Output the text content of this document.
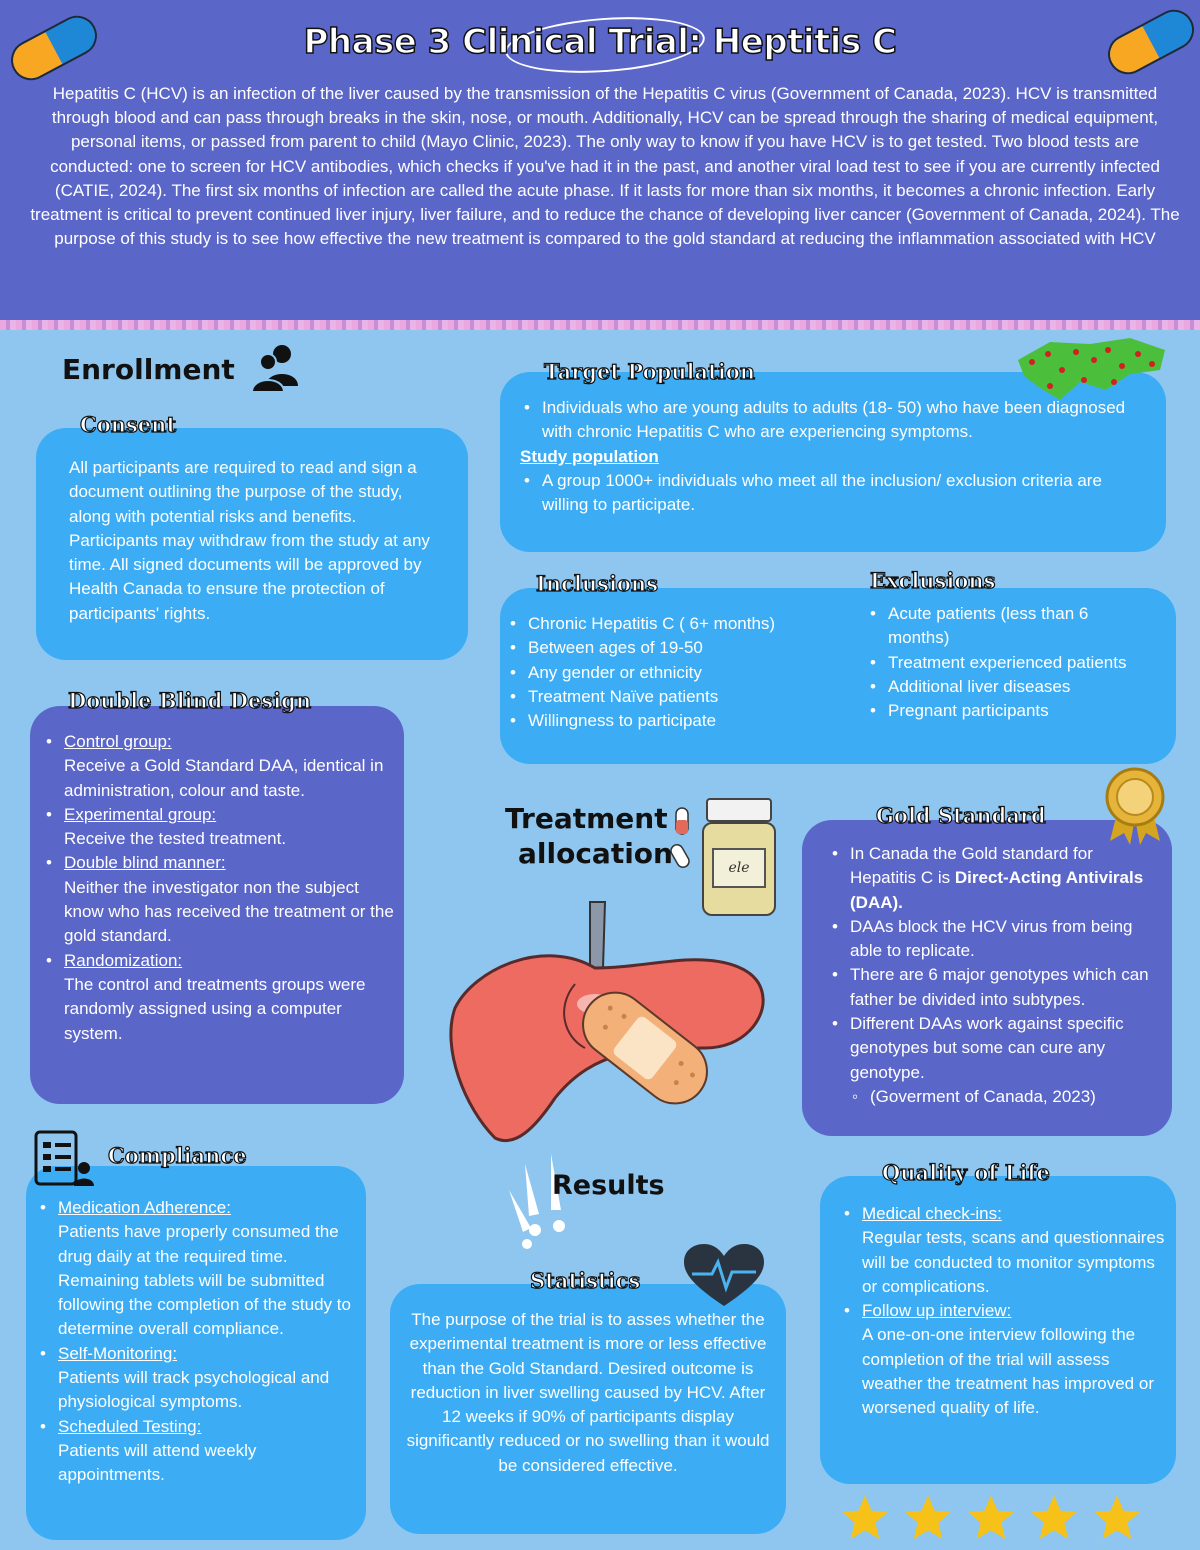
Phase 3 Clinical Trial: Heptitis C
Hepatitis C (HCV) is an infection of the liver caused by the transmission of the Hepatitis C virus (Government of Canada, 2023). HCV is transmitted through blood and can pass through breaks in the skin, nose, or mouth. Additionally, HCV can be spread through the sharing of medical equipment, personal items, or passed from parent to child (Mayo Clinic, 2023). The only way to know if you have HCV is to get tested. Two blood tests are conducted: one to screen for HCV antibodies, which checks if you've had it in the past, and another viral load test to see if you are currently infected (CATIE, 2024). The first six months of infection are called the acute phase. If it lasts for more than six months, it becomes a chronic infection. Early treatment is critical to prevent continued liver injury, liver failure, and to reduce the chance of developing liver cancer (Government of Canada, 2024). The purpose of this study is to see how effective the new treatment is compared to the gold standard at reducing the inflammation associated with HCV
Enrollment
All participants are required to read and sign a document outlining the purpose of the study, along with potential risks and benefits. Participants may withdraw from the study at any time. All signed documents will be approved by Health Canada to ensure the protection of participants' rights.
Consent
• Individuals who are young adults to adults (18- 50) who have been diagnosed with chronic Hepatitis C who are experiencing symptoms.
Study population
• A group 1000+ individuals who meet all the inclusion/ exclusion criteria are willing to participate.
Target Population
• Chronic Hepatitis C ( 6+ months)
• Between ages of 19-50
• Any gender or ethnicity
• Treatment Naïve patients
• Willingness to participate
• Acute patients (less than 6 months)
• Treatment experienced patients
• Additional liver diseases
• Pregnant participants
Inclusions	Exclusions
• Control group:
Receive a Gold Standard DAA, identical in administration, colour and taste.
• Experimental group:
Receive the tested treatment.
• Double blind manner:
Neither the investigator non the subject know who has received the treatment or the gold standard.
• Randomization:
The control and treatments groups were randomly assigned using a computer system.
Double Blind Design
Treatment
allocation	ele
• In Canada the Gold standard for Hepatitis C is Direct-Acting Antivirals (DAA).
• DAAs block the HCV virus from being able to replicate.
• There are 6 major genotypes which can father be divided into subtypes.
• Different DAAs work against specific genotypes but some can cure any genotype.
◦ (Goverment of Canada, 2023)
Gold Standard
• Medication Adherence:
Patients have properly consumed the drug daily at the required time. Remaining tablets will be submitted following the completion of the study to determine overall compliance.
• Self-Monitoring:
Patients will track psychological and physiological symptoms.
• Scheduled Testing:
Patients will attend weekly appointments.
Compliance
Results
The purpose of the trial is to asses whether the experimental treatment is more or less effective than the Gold Standard. Desired outcome is reduction in liver swelling caused by HCV. After 12 weeks if 90% of participants display significantly reduced or no swelling than it would be considered effective.
Statistics
• Medical check-ins:
Regular tests, scans and questionnaires will be conducted to monitor symptoms or complications.
• Follow up interview:
A one-on-one interview following the completion of the trial will assess weather the treatment has improved or worsened quality of life.
Quality of Life
